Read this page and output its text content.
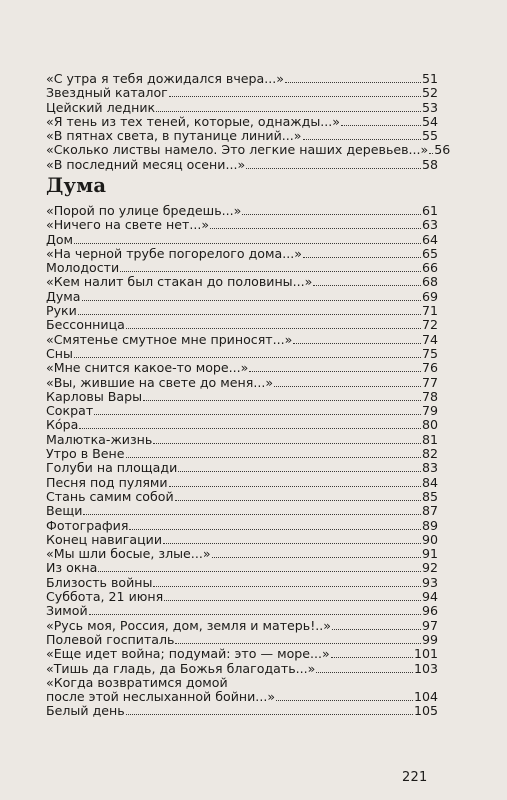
«С утра я тебя дожидался вчера...»	51
Звездный каталог	52
Цейский ледник	53
«Я тень из тех теней, которые, однажды...»	54
«В пятнах света, в путанице линий...»	55
«Сколько листвы намело. Это легкие наших деревьев...» 56
«В последний месяц осени...»	58
Дума
«Порой по улице бредешь...»	61
«Ничего на свете нет...»	63
Дом	64
«На черной трубе погорелого дома...»	65
Молодости	66
«Кем налит был стакан до половины...»	68
Дума	69
Руки	71
Бессонница	72
«Смятенье смутное мне приносят...»	74
Сны	75
«Мне снится какое-то море...»	76
«Вы, жившие на свете до меня...»	77
Карловы Вары	78
Сократ	79
Кóра	80
Малютка-жизнь	81
Утро в Вене	82
Голуби на площади	83
Песня под пулями	84
Стань самим собой	85
Вещи	87
Фотография	89
Конец навигации	90
«Мы шли босые, злые...»	91
Из окна	92
Близость войны	93
Суббота, 21 июня	94
Зимой	96
«Русь моя, Россия, дом, земля и матерь!..»	97
Полевой госпиталь	99
«Еще идет война; подумай: это — море...»	101
«Тишь да гладь, да Божья благодать...»	103
«Когда возвратимся домой
после этой неслыханной бойни...»	104
Белый день	105
221
